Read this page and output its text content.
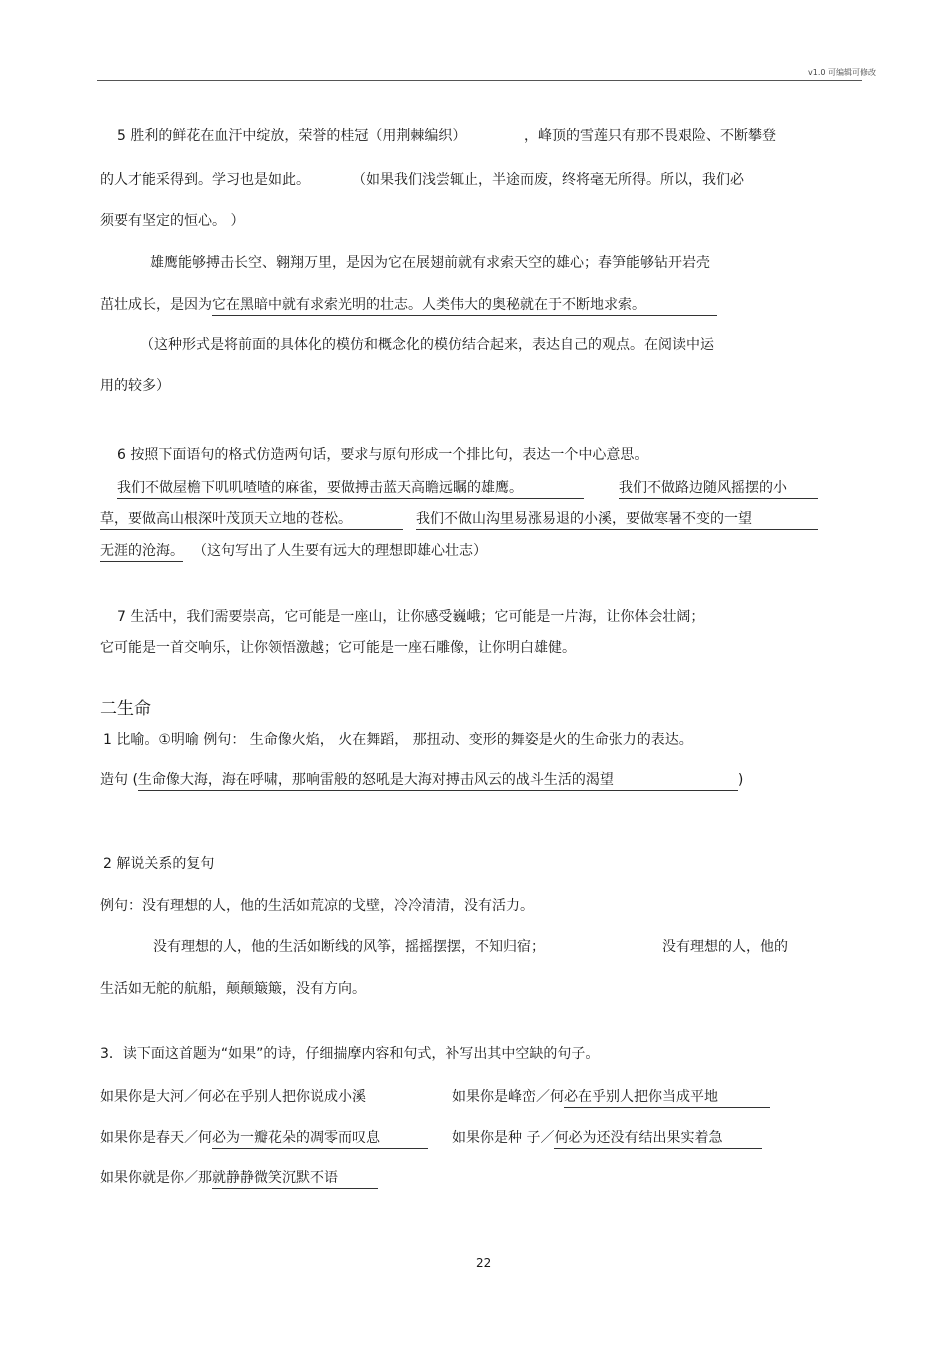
v1.0 可编辑可修改
5 胜利的鲜花在血汗中绽放，荣誉的桂冠（用荆棘编织）	，峰顶的雪莲只有那不畏艰险、不断攀登
的人才能采得到。学习也是如此。	（如果我们浅尝辄止，半途而废，终将毫无所得。所以，我们必
须要有坚定的恒心。 ）
雄鹰能够搏击长空、翱翔万里，是因为它在展翅前就有求索天空的雄心；春笋能够钻开岩壳
茁壮成长，是因为它在黑暗中就有求索光明的壮志。人类伟大的奥秘就在于不断地求索。
（这种形式是将前面的具体化的模仿和概念化的模仿结合起来，表达自己的观点。在阅读中运
用的较多）
6 按照下面语句的格式仿造两句话，要求与原句形成一个排比句，表达一个中心意思。
我们不做屋檐下叽叽喳喳的麻雀，要做搏击蓝天高瞻远瞩的雄鹰。	我们不做路边随风摇摆的小
草，要做高山根深叶茂顶天立地的苍松。	我们不做山沟里易涨易退的小溪，要做寒暑不变的一望
无涯的沧海。 （这句写出了人生要有远大的理想即雄心壮志）
7 生活中，我们需要崇高，它可能是一座山，让你感受巍峨；它可能是一片海，让你体会壮阔；
它可能是一首交响乐，让你领悟激越；它可能是一座石雕像，让你明白雄健。
二生命
1 比喻。①明喻 例句： 生命像火焰， 火在舞蹈， 那扭动、变形的舞姿是火的生命张力的表达。
造句 (生命像大海，海在呼啸，那响雷般的怒吼是大海对搏击风云的战斗生活的渴望	)
2 解说关系的复句
例句：没有理想的人，他的生活如荒凉的戈壁，冷冷清清，没有活力。
没有理想的人，他的生活如断线的风筝，摇摇摆摆，不知归宿；	没有理想的人，他的
生活如无舵的航船，颠颠簸簸，没有方向。
3．读下面这首题为“如果”的诗，仔细揣摩内容和句式，补写出其中空缺的句子。
如果你是大河／何必在乎别人把你说成小溪	如果你是峰峦／何必在乎别人把你当成平地
如果你是春天／何必为一瓣花朵的凋零而叹息	如果你是种 子／何必为还没有结出果实着急
如果你就是你／那就静静微笑沉默不语
22
